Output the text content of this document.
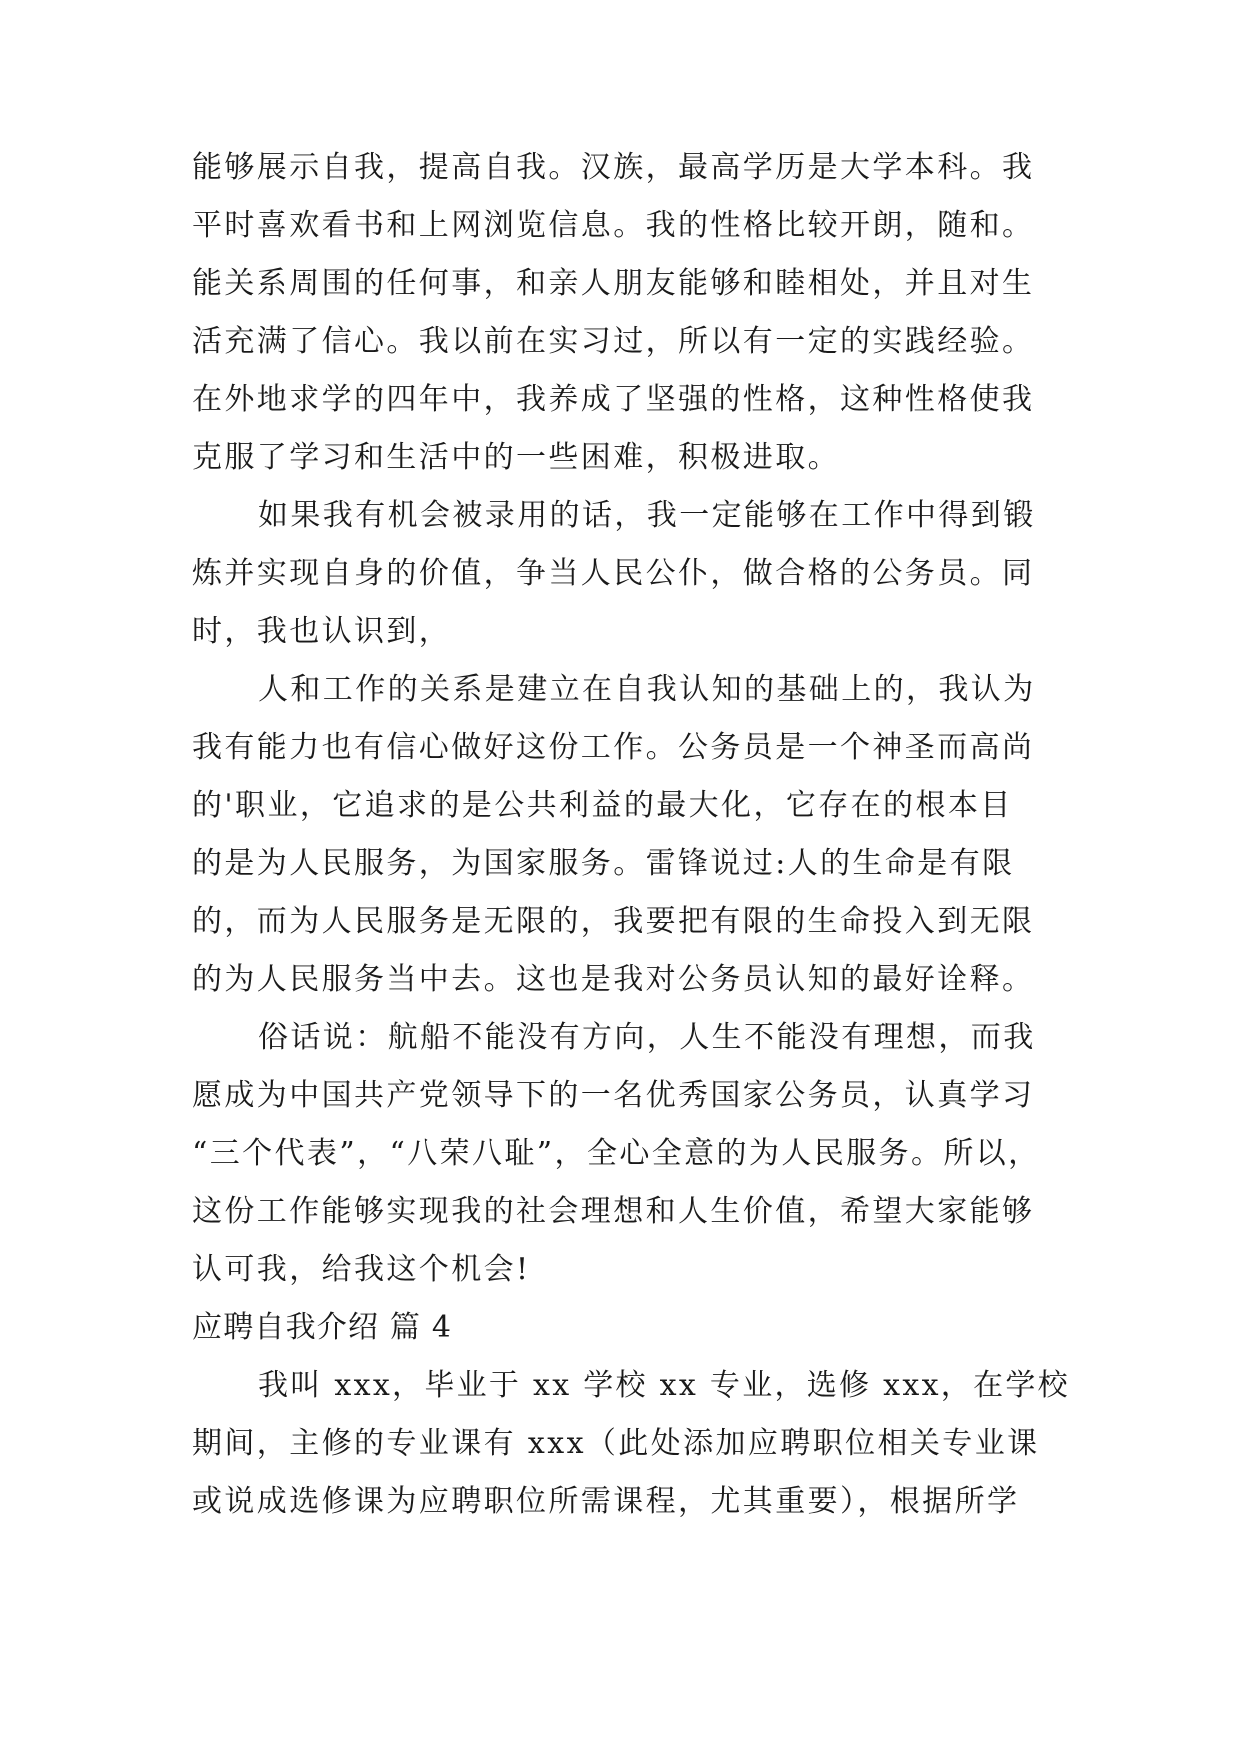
能够展示自我，提高自我。汉族，最高学历是大学本科。我
平时喜欢看书和上网浏览信息。我的性格比较开朗，随和。
能关系周围的任何事，和亲人朋友能够和睦相处，并且对生
活充满了信心。我以前在实习过，所以有一定的实践经验。
在外地求学的四年中，我养成了坚强的性格，这种性格使我
克服了学习和生活中的一些困难，积极进取。
如果我有机会被录用的话，我一定能够在工作中得到锻
炼并实现自身的价值，争当人民公仆，做合格的公务员。同
时，我也认识到，
人和工作的关系是建立在自我认知的基础上的，我认为
我有能力也有信心做好这份工作。公务员是一个神圣而高尚
的'职业，它追求的是公共利益的最大化，它存在的根本目
的是为人民服务，为国家服务。雷锋说过:人的生命是有限
的，而为人民服务是无限的，我要把有限的生命投入到无限
的为人民服务当中去。这也是我对公务员认知的最好诠释。
俗话说：航船不能没有方向，人生不能没有理想，而我
愿成为中国共产党领导下的一名优秀国家公务员，认真学习
“三个代表”，“八荣八耻”，全心全意的为人民服务。所以，
这份工作能够实现我的社会理想和人生价值，希望大家能够
认可我，给我这个机会!
应聘自我介绍 篇 4
我叫 xxx，毕业于 xx 学校 xx 专业，选修 xxx，在学校
期间，主修的专业课有 xxx（此处添加应聘职位相关专业课
或说成选修课为应聘职位所需课程，尤其重要），根据所学
